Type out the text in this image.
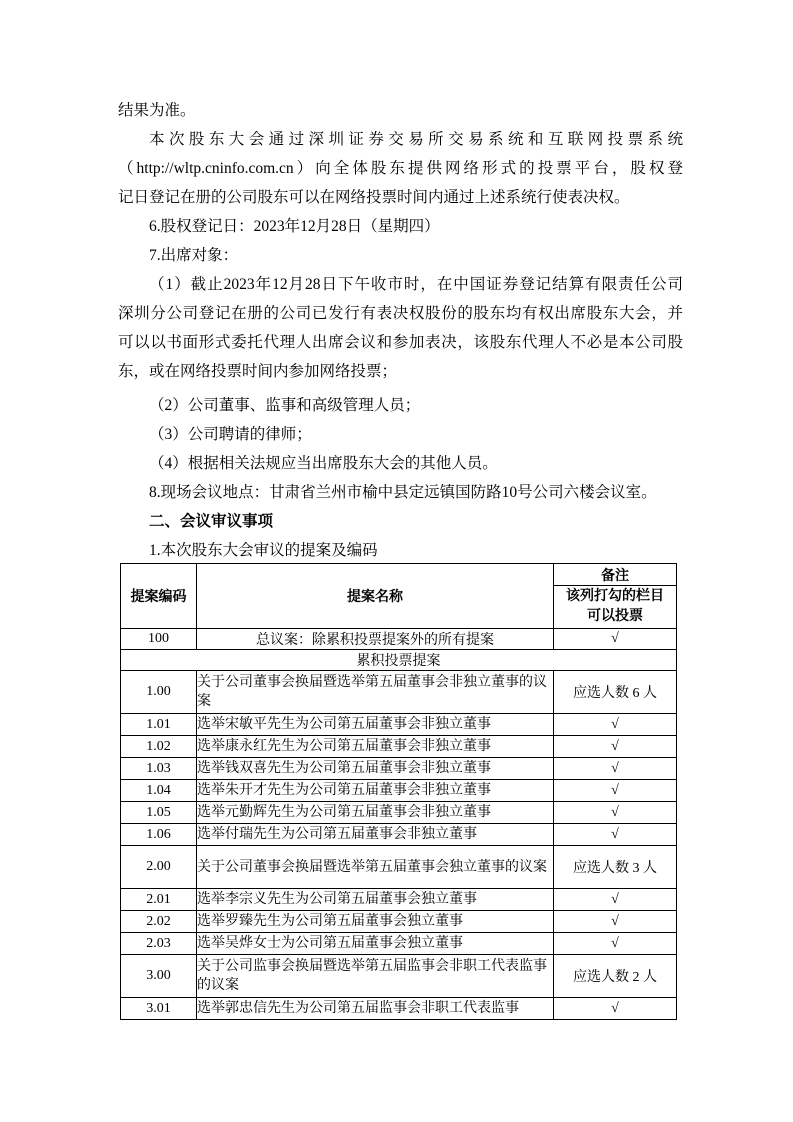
结果为准。
本次股东大会通过深圳证券交易所交易系统和互联网投票系统
（http://wltp.cninfo.com.cn）向全体股东提供网络形式的投票平台，股权登
记日登记在册的公司股东可以在网络投票时间内通过上述系统行使表决权。
6.股权登记日：2023年12月28日（星期四）
7.出席对象：
（1）截止2023年12月28日下午收市时，在中国证券登记结算有限责任公司
深圳分公司登记在册的公司已发行有表决权股份的股东均有权出席股东大会，并
可以以书面形式委托代理人出席会议和参加表决，该股东代理人不必是本公司股
东，或在网络投票时间内参加网络投票；
（2）公司董事、监事和高级管理人员；
（3）公司聘请的律师；
（4）根据相关法规应当出席股东大会的其他人员。
8.现场会议地点：甘肃省兰州市榆中县定远镇国防路10号公司六楼会议室。
二、会议审议事项
1.本次股东大会审议的提案及编码
提案编码	提案名称	备注

		该列打勾的栏目
可以投票

100	总议案：除累积投票提案外的所有提案	√
累积投票提案		
1.00	关于公司董事会换届暨选举第五届董事会非独立董事的议案	应选人数 6 人
1.01	选举宋敏平先生为公司第五届董事会非独立董事	√
1.02	选举康永红先生为公司第五届董事会非独立董事	√
1.03	选举钱双喜先生为公司第五届董事会非独立董事	√
1.04	选举朱开才先生为公司第五届董事会非独立董事	√
1.05	选举元勤辉先生为公司第五届董事会非独立董事	√
1.06	选举付瑞先生为公司第五届董事会非独立董事	√
2.00	关于公司董事会换届暨选举第五届董事会独立董事的议案	应选人数 3 人
2.01	选举李宗义先生为公司第五届董事会独立董事	√
2.02	选举罗臻先生为公司第五届董事会独立董事	√
2.03	选举吴烨女士为公司第五届董事会独立董事	√
3.00	关于公司监事会换届暨选举第五届监事会非职工代表监事的议案	应选人数 2 人
3.01	选举郭忠信先生为公司第五届监事会非职工代表监事	√
